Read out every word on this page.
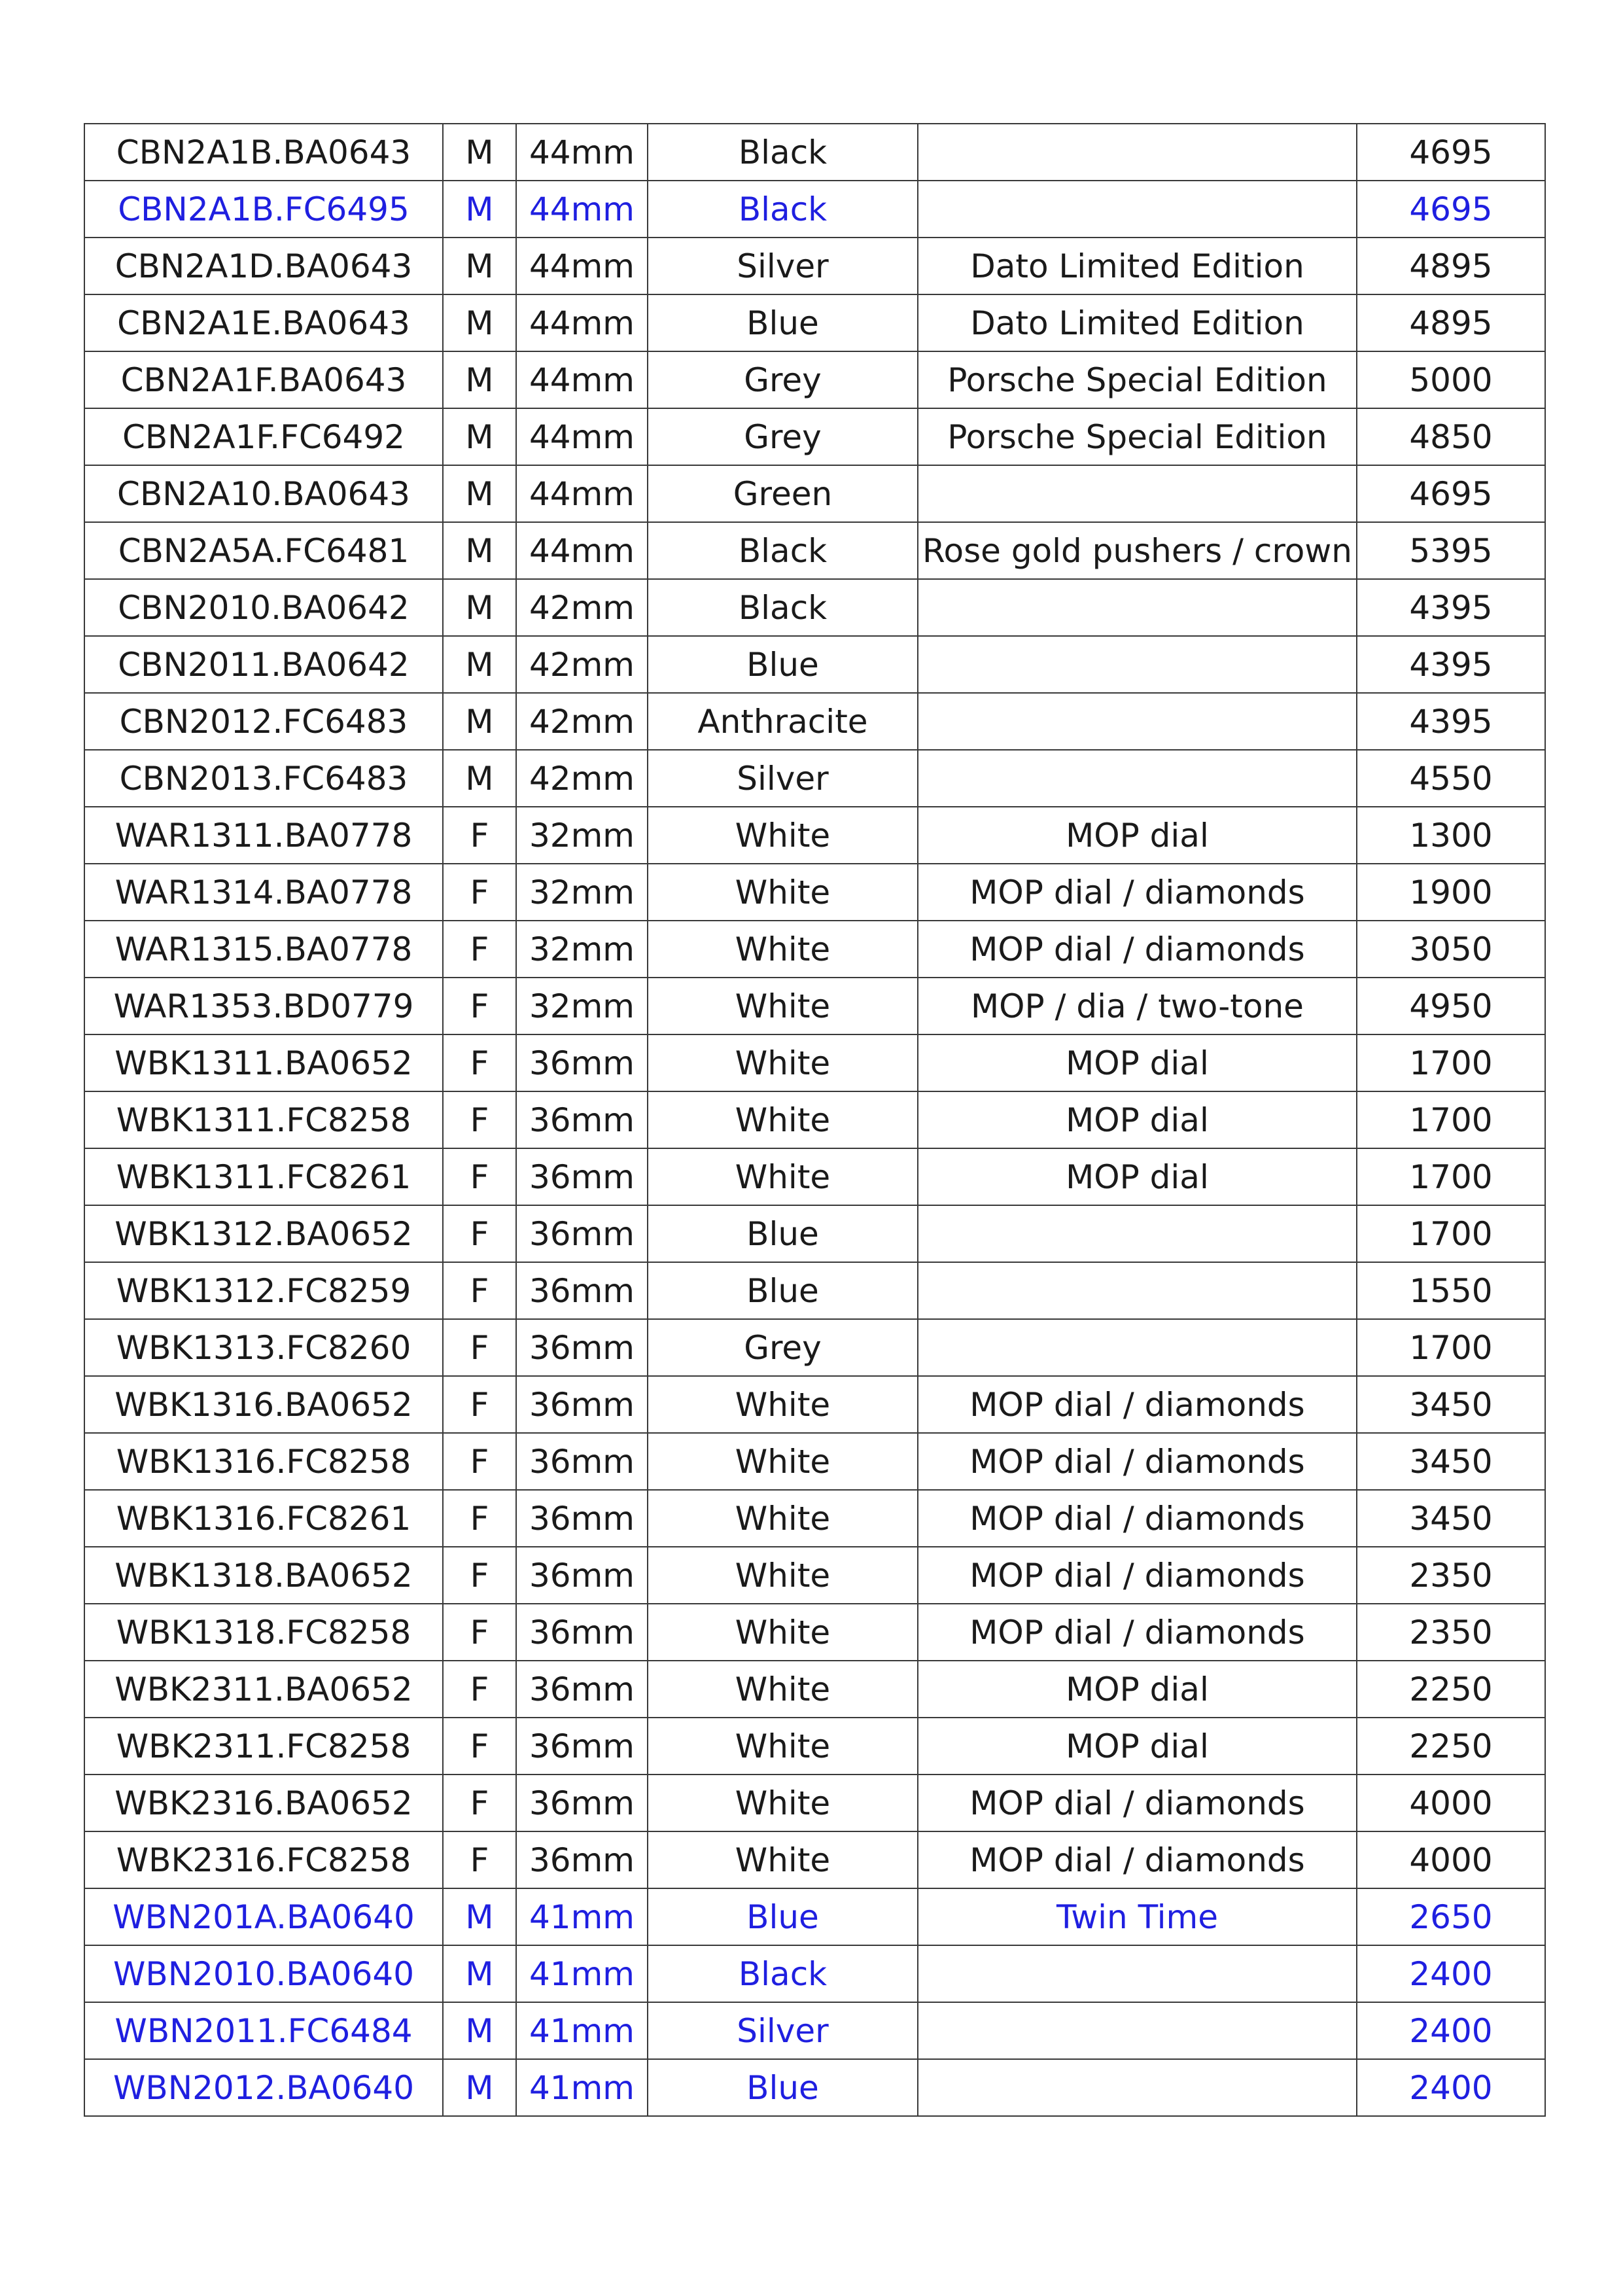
CBN2A1B.BA0643	M	44mm	Black		4695
CBN2A1B.FC6495	M	44mm	Black		4695
CBN2A1D.BA0643	M	44mm	Silver	Dato Limited Edition	4895
CBN2A1E.BA0643	M	44mm	Blue	Dato Limited Edition	4895
CBN2A1F.BA0643	M	44mm	Grey	Porsche Special Edition	5000
CBN2A1F.FC6492	M	44mm	Grey	Porsche Special Edition	4850
CBN2A10.BA0643	M	44mm	Green		4695
CBN2A5A.FC6481	M	44mm	Black	Rose gold pushers / crown	5395
CBN2010.BA0642	M	42mm	Black		4395
CBN2011.BA0642	M	42mm	Blue		4395
CBN2012.FC6483	M	42mm	Anthracite		4395
CBN2013.FC6483	M	42mm	Silver		4550
WAR1311.BA0778	F	32mm	White	MOP dial	1300
WAR1314.BA0778	F	32mm	White	MOP dial / diamonds	1900
WAR1315.BA0778	F	32mm	White	MOP dial / diamonds	3050
WAR1353.BD0779	F	32mm	White	MOP / dia / two-tone	4950
WBK1311.BA0652	F	36mm	White	MOP dial	1700
WBK1311.FC8258	F	36mm	White	MOP dial	1700
WBK1311.FC8261	F	36mm	White	MOP dial	1700
WBK1312.BA0652	F	36mm	Blue		1700
WBK1312.FC8259	F	36mm	Blue		1550
WBK1313.FC8260	F	36mm	Grey		1700
WBK1316.BA0652	F	36mm	White	MOP dial / diamonds	3450
WBK1316.FC8258	F	36mm	White	MOP dial / diamonds	3450
WBK1316.FC8261	F	36mm	White	MOP dial / diamonds	3450
WBK1318.BA0652	F	36mm	White	MOP dial / diamonds	2350
WBK1318.FC8258	F	36mm	White	MOP dial / diamonds	2350
WBK2311.BA0652	F	36mm	White	MOP dial	2250
WBK2311.FC8258	F	36mm	White	MOP dial	2250
WBK2316.BA0652	F	36mm	White	MOP dial / diamonds	4000
WBK2316.FC8258	F	36mm	White	MOP dial / diamonds	4000
WBN201A.BA0640	M	41mm	Blue	Twin Time	2650
WBN2010.BA0640	M	41mm	Black		2400
WBN2011.FC6484	M	41mm	Silver		2400
WBN2012.BA0640	M	41mm	Blue		2400
